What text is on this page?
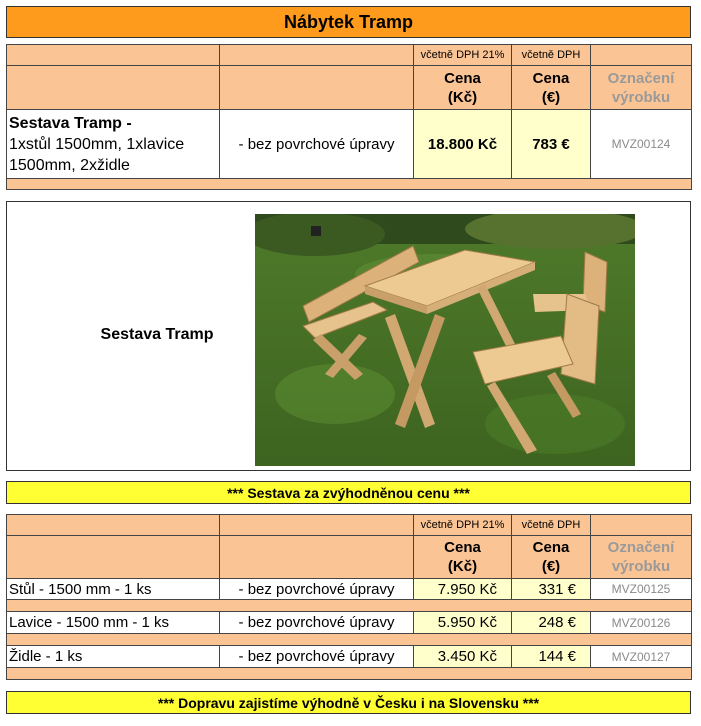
Nábytek Tramp
		včetně DPH 21%	včetně DPH	

		Cena (Kč)	Cena (€)	Označení výrobku

Sestava Tramp -
1xstůl 1500mm, 1xlavice 1500mm, 2xžidle	- bez povrchové úpravy	18.800 Kč	783 €	MVZ00124

Sestava Tramp
*** Sestava za zvýhodněnou cenu ***
		včetně DPH 21%	včetně DPH	

		Cena (Kč)	Cena (€)	Označení výrobku

Stůl - 1500 mm - 1 ks	- bez povrchové úpravy	7.950 Kč	331 €	MVZ00125

Lavice - 1500 mm - 1 ks	- bez povrchové úpravy	5.950 Kč	248 €	MVZ00126

Židle - 1 ks	- bez povrchové úpravy	3.450 Kč	144 €	MVZ00127

*** Dopravu zajistíme výhodně v Česku i na Slovensku ***
